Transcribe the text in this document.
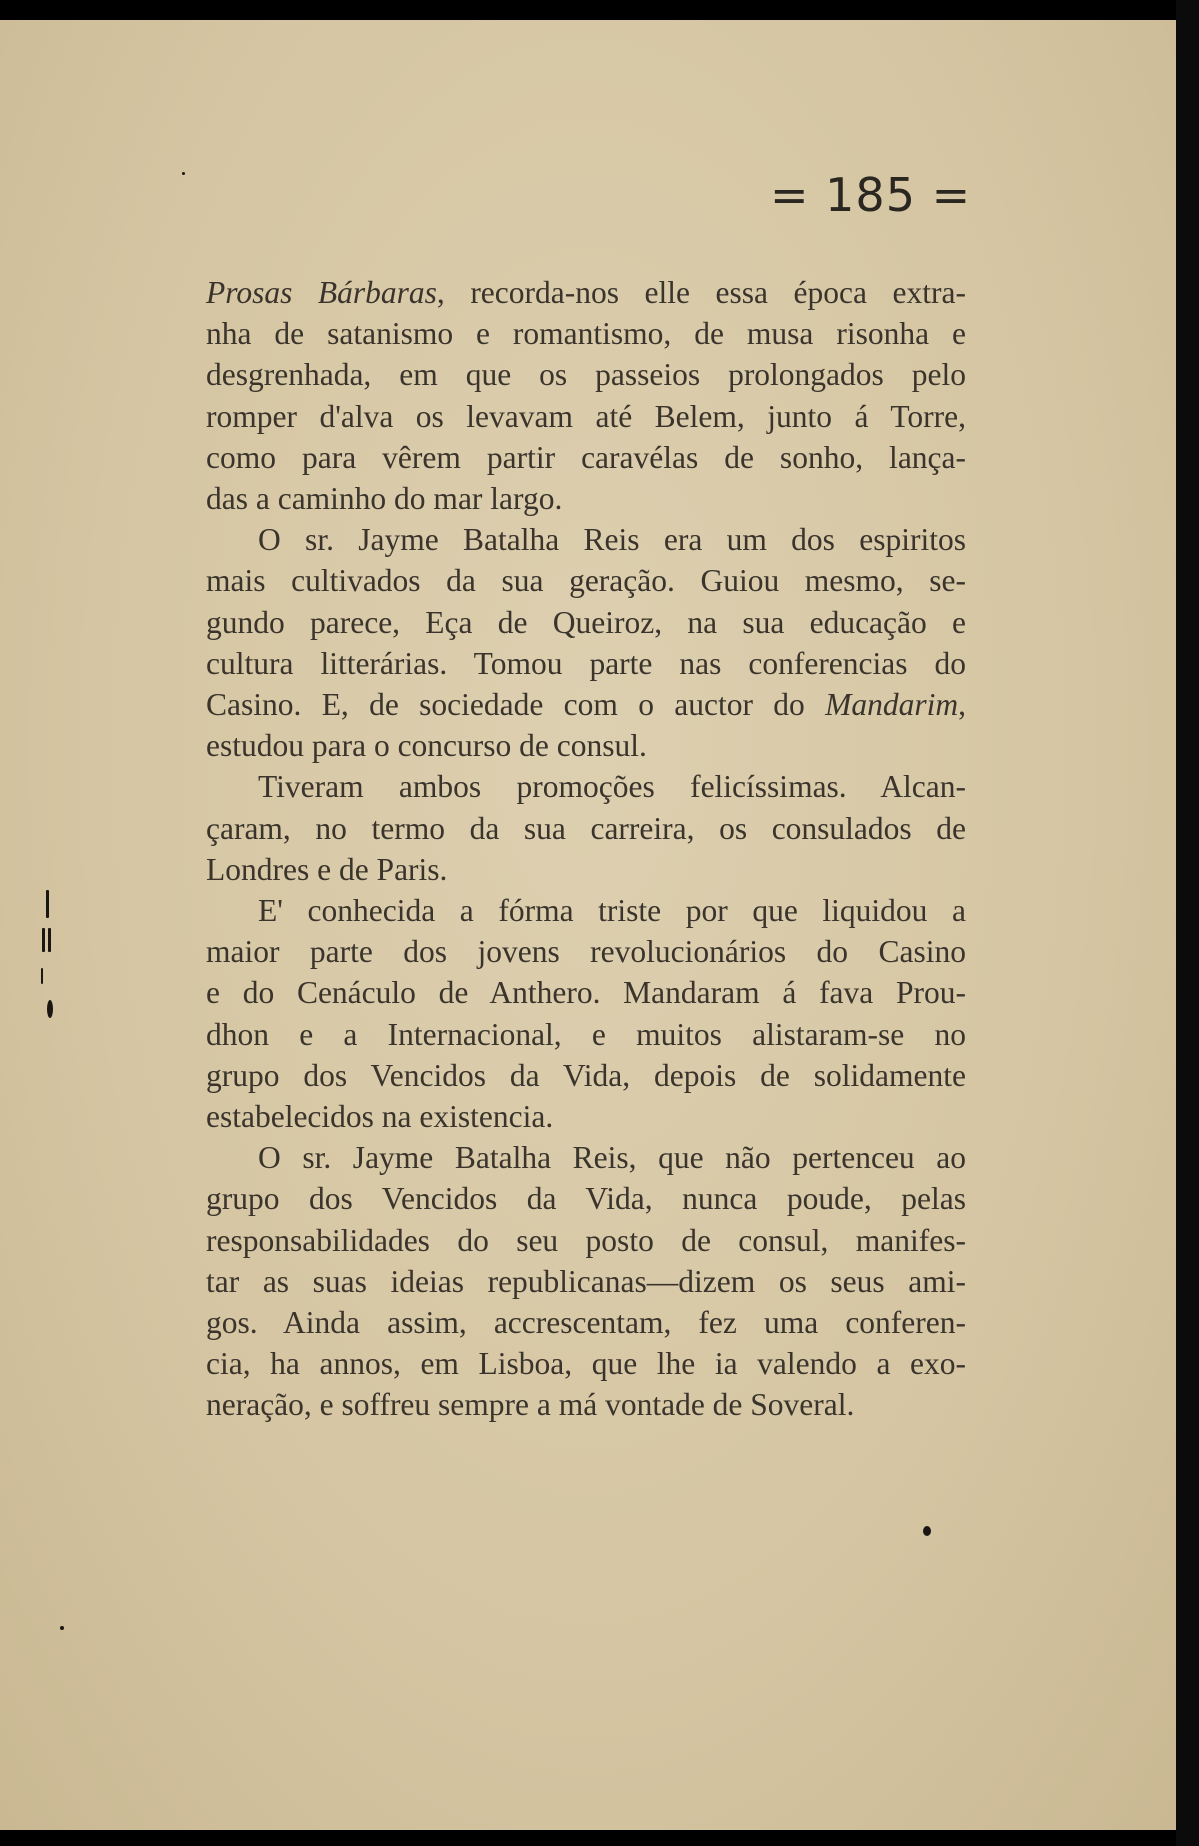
= 185 =

Prosas Bárbaras, recorda-nos elle essa época extra-
nha de satanismo e romantismo, de musa risonha e
desgrenhada, em que os passeios prolongados pelo
romper d'alva os levavam até Belem, junto á Torre,
como para vêrem partir caravélas de sonho, lança-
das a caminho do mar largo.

O sr. Jayme Batalha Reis era um dos espiritos
mais cultivados da sua geração. Guiou mesmo, se-
gundo parece, Eça de Queiroz, na sua educação e
cultura litterárias. Tomou parte nas conferencias do
Casino. E, de sociedade com o auctor do Mandarim,
estudou para o concurso de consul.

Tiveram ambos promoções felicíssimas. Alcan-
çaram, no termo da sua carreira, os consulados de
Londres e de Paris.

E' conhecida a fórma triste por que liquidou a
maior parte dos jovens revolucionários do Casino
e do Cenáculo de Anthero. Mandaram á fava Prou-
dhon e a Internacional, e muitos alistaram-se no
grupo dos Vencidos da Vida, depois de solidamente
estabelecidos na existencia.

O sr. Jayme Batalha Reis, que não pertenceu ao
grupo dos Vencidos da Vida, nunca poude, pelas
responsabilidades do seu posto de consul, manifes-
tar as suas ideias republicanas—dizem os seus ami-
gos. Ainda assim, accrescentam, fez uma conferen-
cia, ha annos, em Lisboa, que lhe ia valendo a exo-
neração, e soffreu sempre a má vontade de Soveral.
